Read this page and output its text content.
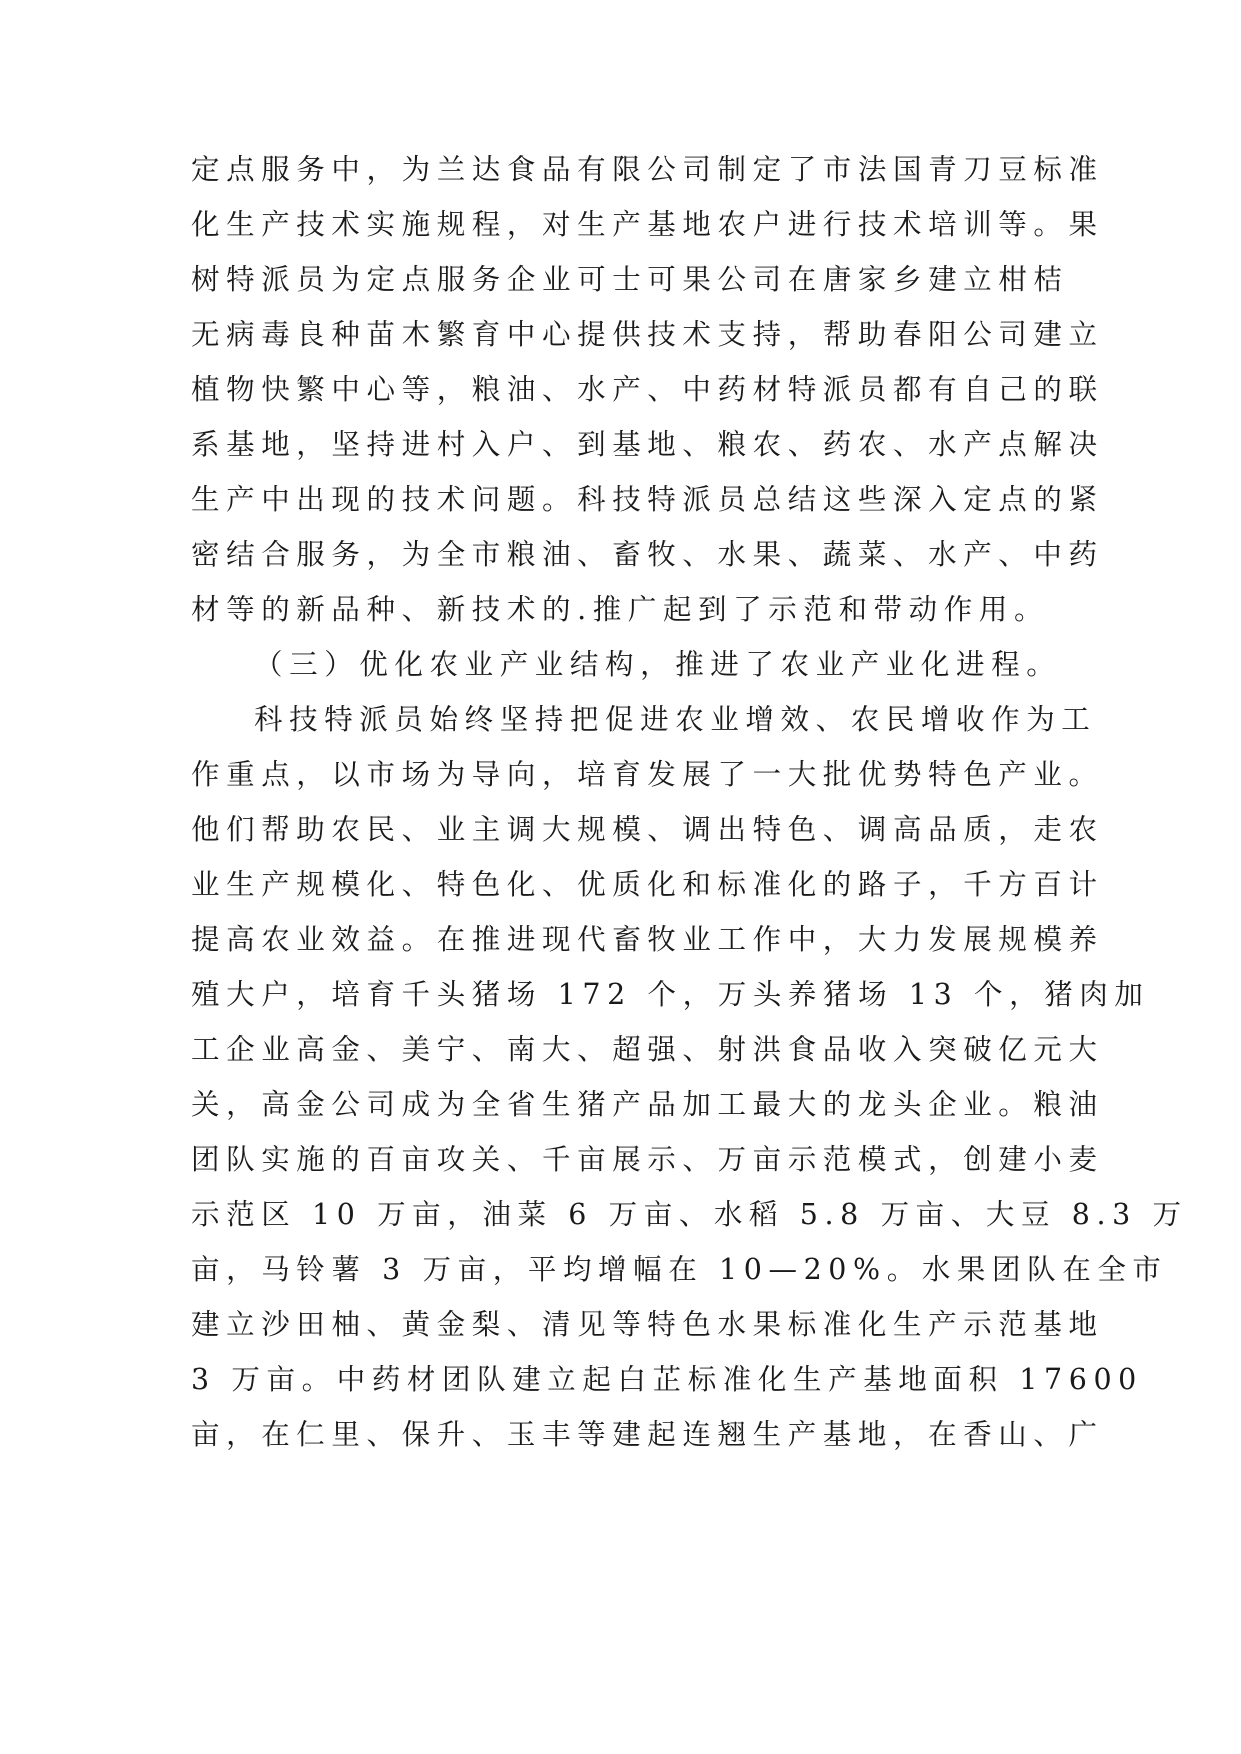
定点服务中，为兰达食品有限公司制定了市法国青刀豆标准
化生产技术实施规程，对生产基地农户进行技术培训等。果
树特派员为定点服务企业可士可果公司在唐家乡建立柑桔
无病毒良种苗木繁育中心提供技术支持，帮助春阳公司建立
植物快繁中心等，粮油、水产、中药材特派员都有自己的联
系基地，坚持进村入户、到基地、粮农、药农、水产点解决
生产中出现的技术问题。科技特派员总结这些深入定点的紧
密结合服务，为全市粮油、畜牧、水果、蔬菜、水产、中药
材等的新品种、新技术的.推广起到了示范和带动作用。
（三）优化农业产业结构，推进了农业产业化进程。
科技特派员始终坚持把促进农业增效、农民增收作为工
作重点，以市场为导向，培育发展了一大批优势特色产业。
他们帮助农民、业主调大规模、调出特色、调高品质，走农
业生产规模化、特色化、优质化和标准化的路子，千方百计
提高农业效益。在推进现代畜牧业工作中，大力发展规模养
殖大户，培育千头猪场 172 个，万头养猪场 13 个，猪肉加
工企业高金、美宁、南大、超强、射洪食品收入突破亿元大
关，高金公司成为全省生猪产品加工最大的龙头企业。粮油
团队实施的百亩攻关、千亩展示、万亩示范模式，创建小麦
示范区 10 万亩，油菜 6 万亩、水稻 5.8 万亩、大豆 8.3 万
亩，马铃薯 3 万亩，平均增幅在 10—20%。水果团队在全市
建立沙田柚、黄金梨、清见等特色水果标准化生产示范基地
3 万亩。中药材团队建立起白芷标准化生产基地面积 17600
亩，在仁里、保升、玉丰等建起连翘生产基地，在香山、广
